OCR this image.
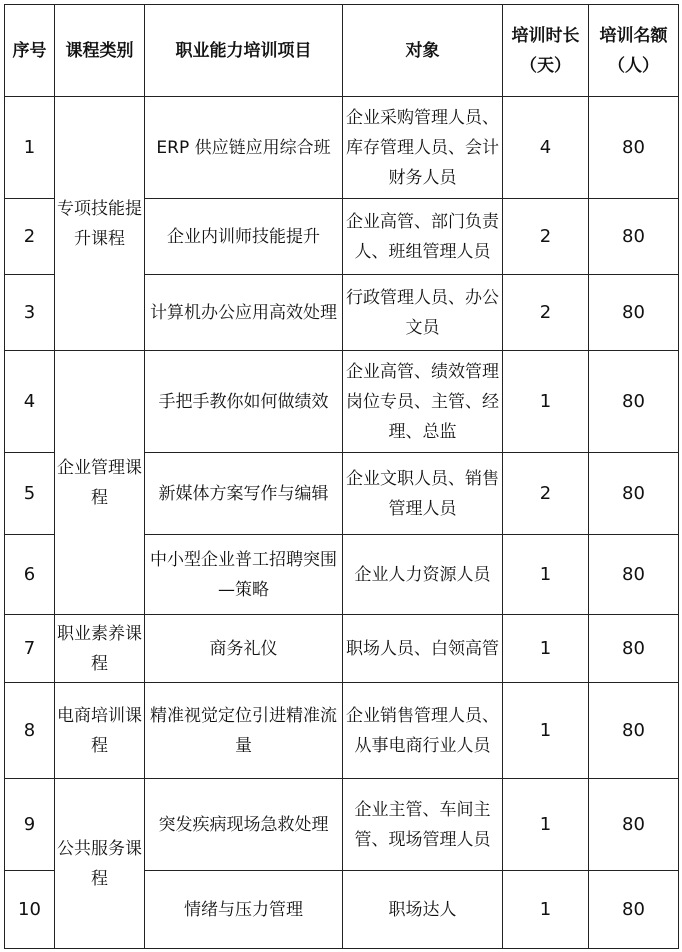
序号	课程类别	职业能力培训项目	对象	培训时长（天）	培训名额（人）
1	专项技能提升课程	ERP 供应链应用综合班	企业采购管理人员、库存管理人员、会计财务人员	4	80
2		企业内训师技能提升	企业高管、部门负责人、班组管理人员	2	80
3		计算机办公应用高效处理	行政管理人员、办公文员	2	80
4	企业管理课程	手把手教你如何做绩效	企业高管、绩效管理岗位专员、主管、经理、总监	1	80
5		新媒体方案写作与编辑	企业文职人员、销售管理人员	2	80
6		中小型企业普工招聘突围—策略	企业人力资源人员	1	80
7	职业素养课程	商务礼仪	职场人员、白领高管	1	80
8	电商培训课程	精准视觉定位引进精准流量	企业销售管理人员、从事电商行业人员	1	80
9	公共服务课程	突发疾病现场急救处理	企业主管、车间主管、现场管理人员	1	80
10		情绪与压力管理	职场达人	1	80
